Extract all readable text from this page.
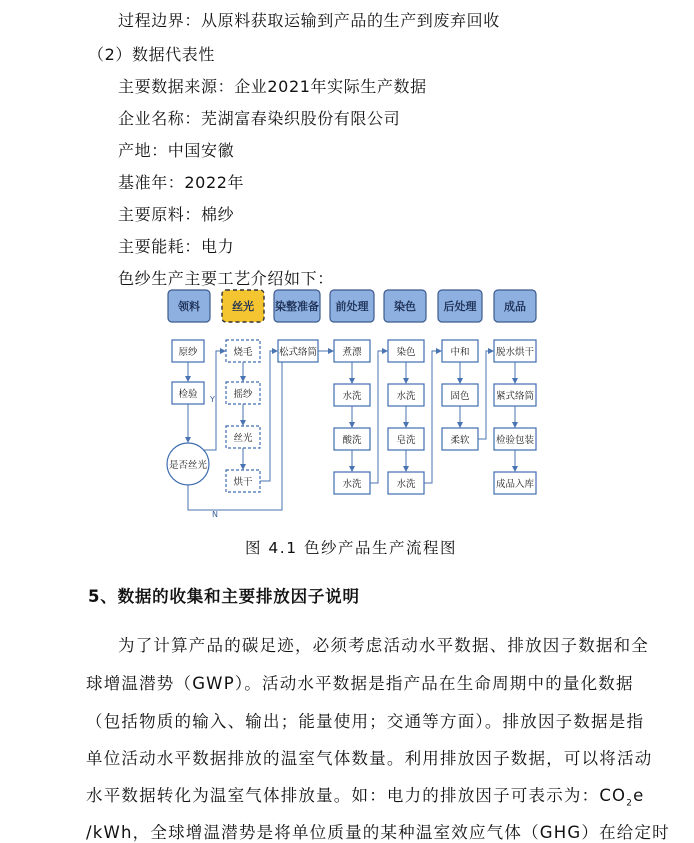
过程边界：从原料获取运输到产品的生产到废弃回收
（2）数据代表性
主要数据来源：企业2021年实际生产数据
企业名称：芜湖富春染织股份有限公司
产地：中国安徽
基准年：2022年
主要原料：棉纱
主要能耗：电力
色纱生产主要工艺介绍如下：
领料	丝光 染整准备 前处理 染色	后处理	成品
原纱
检验
是否丝光
烧毛
摇纱
丝光
烘干
Y
N
松式络筒	煮漂
水洗
酸洗
水洗
染色
水洗
皂洗
水洗
中和
固色
柔软
脱水烘干
紧式络筒
检验包装
成品入库
图 4.1 色纱产品生产流程图
5、数据的收集和主要排放因子说明
为了计算产品的碳足迹，必须考虑活动水平数据、排放因子数据和全
球增温潜势（GWP）。活动水平数据是指产品在生命周期中的量化数据
（包括物质的输入、输出；能量使用；交通等方面）。排放因子数据是指
单位活动水平数据排放的温室气体数量。利用排放因子数据，可以将活动
水平数据转化为温室气体排放量。如：电力的排放因子可表示为：$CO_2e$
/kWh，全球增温潜势是将单位质量的某种温室效应气体（GHG）在给定时
